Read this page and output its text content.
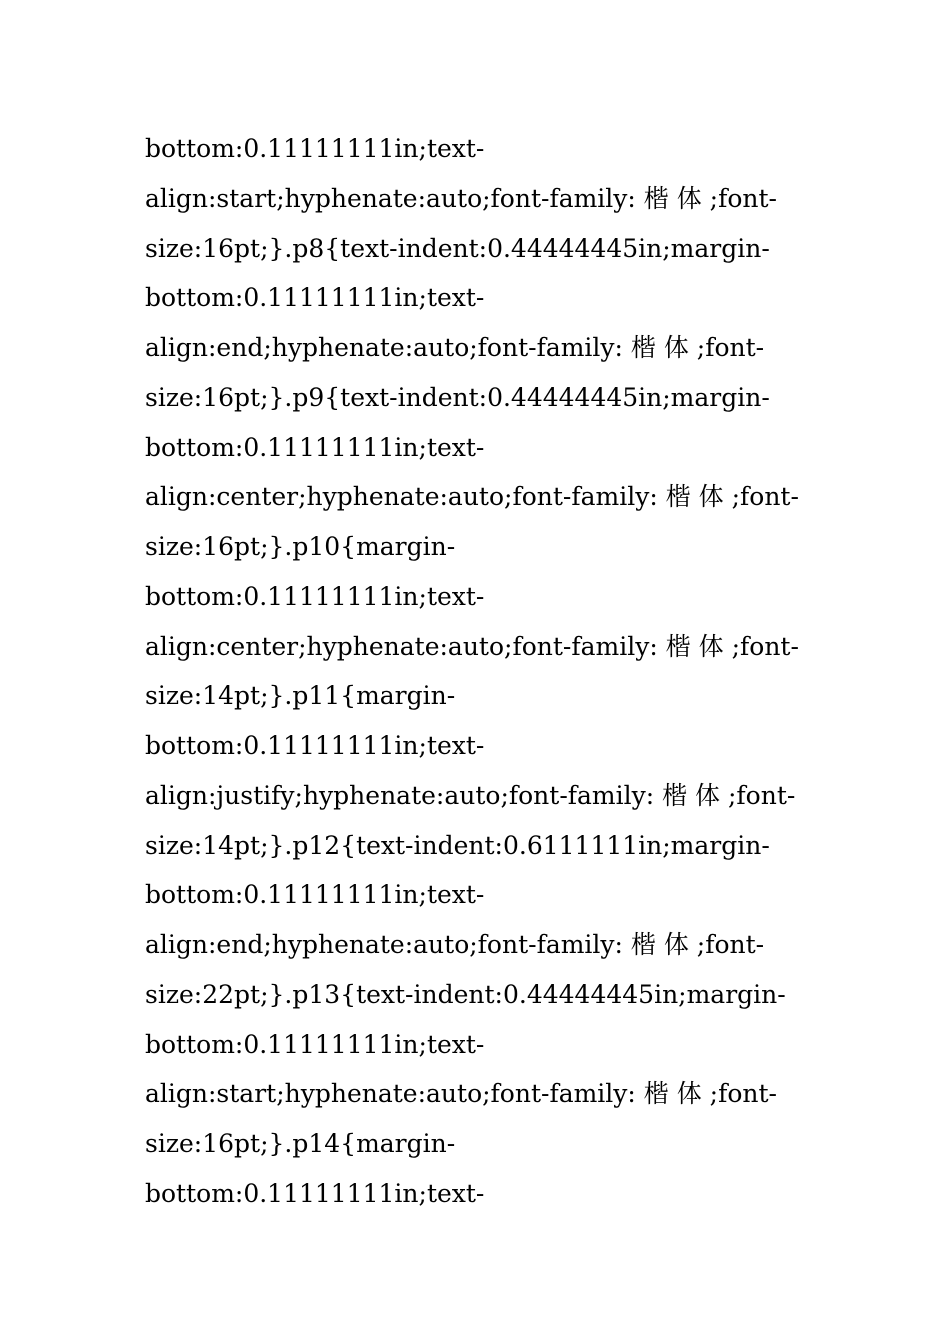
bottom:0.11111111in;text-
align:start;hyphenate:auto;font-family: 楷 体 ;font-
size:16pt;}.p8{text-indent:0.44444445in;margin-
bottom:0.11111111in;text-
align:end;hyphenate:auto;font-family: 楷 体 ;font-
size:16pt;}.p9{text-indent:0.44444445in;margin-
bottom:0.11111111in;text-
align:center;hyphenate:auto;font-family: 楷 体 ;font-
size:16pt;}.p10{margin-
bottom:0.11111111in;text-
align:center;hyphenate:auto;font-family: 楷 体 ;font-
size:14pt;}.p11{margin-
bottom:0.11111111in;text-
align:justify;hyphenate:auto;font-family: 楷 体 ;font-
size:14pt;}.p12{text-indent:0.6111111in;margin-
bottom:0.11111111in;text-
align:end;hyphenate:auto;font-family: 楷 体 ;font-
size:22pt;}.p13{text-indent:0.44444445in;margin-
bottom:0.11111111in;text-
align:start;hyphenate:auto;font-family: 楷 体 ;font-
size:16pt;}.p14{margin-
bottom:0.11111111in;text-
